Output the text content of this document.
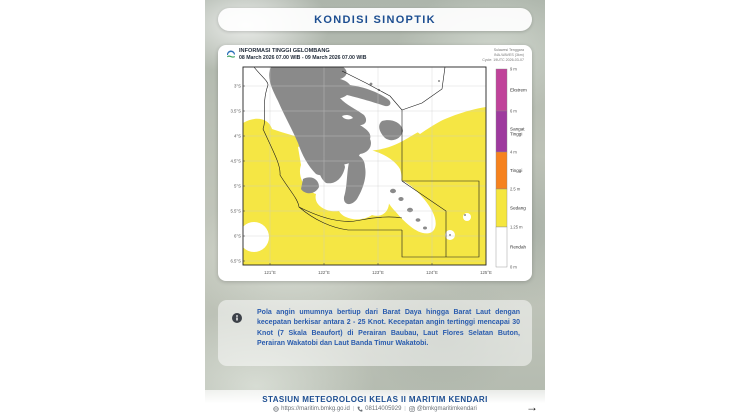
KONDISI SINOPTIK
INFORMASI TINGGI GELOMBANG
08 March 2026 07.00 WIB - 09 March 2026 07.00 WIB
Sulawesi Tenggara
INA-WAVES (3km)
Cycle: 19UTC 2026-03-07
3°S
3.5°S
4°S
4.5°S
5°S
5.5°S
6°S
6.5°S
121°E	122°E	123°E	124°E	125°E
Ekstrem
Sangat Tinggi
Tinggi
Sedang
Rendah
9 m
6 m
4 m
2.5 m
1.25 m
0 m
Pola angin umumnya bertiup dari Barat Daya hingga Barat Laut dengan kecepatan berkisar antara 2 - 25 Knot. Kecepatan angin tertinggi mencapai 30 Knot (7 Skala Beaufort) di Perairan Baubau, Laut Flores Selatan Buton, Perairan Wakatobi dan Laut Banda Timur Wakatobi.
STASIUN METEOROLOGI KELAS II MARITIM KENDARI
https://maritim.bmkg.go.id | 08114005929 | @bmkgmaritimkendari	→
